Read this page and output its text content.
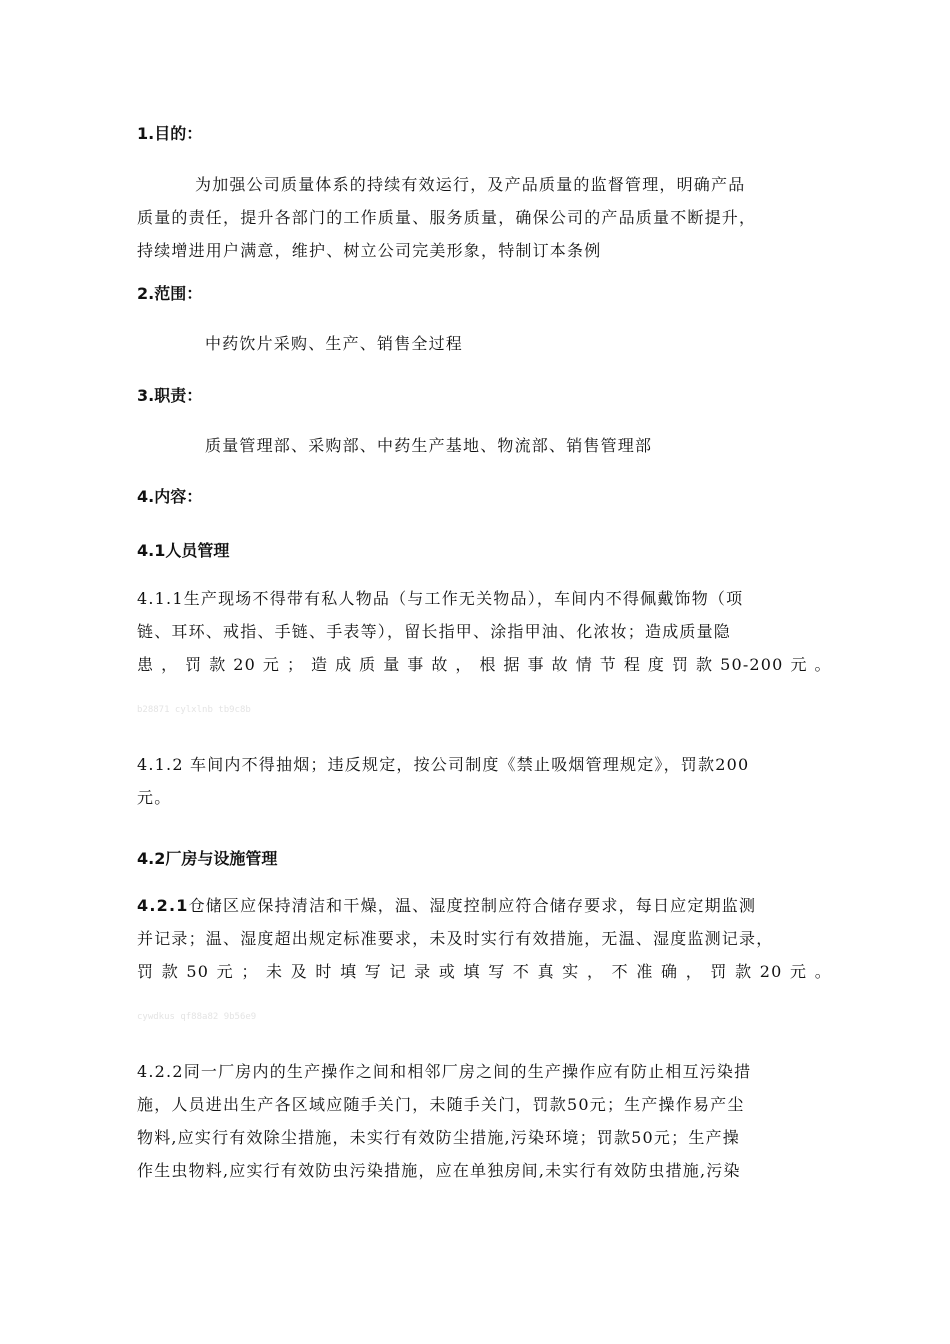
1.目的：
为加强公司质量体系的持续有效运行，及产品质量的监督管理，明确产品
质量的责任，提升各部门的工作质量、服务质量，确保公司的产品质量不断提升，
持续增进用户满意，维护、树立公司完美形象，特制订本条例
2.范围：
中药饮片采购、生产、销售全过程
3.职责：
质量管理部、采购部、中药生产基地、物流部、销售管理部
4.内容：
4.1人员管理
4.1.1生产现场不得带有私人物品（与工作无关物品），车间内不得佩戴饰物（项
链、耳环、戒指、手链、手表等），留长指甲、涂指甲油、化浓妆；造成质量隐
患 ， 罚 款 20 元 ； 造 成 质 量 事 故 ， 根 据 事 故 情 节 程 度 罚 款 50-200 元 。
b28871 cylxlnb tb9c8b
4.1.2 车间内不得抽烟；违反规定，按公司制度《禁止吸烟管理规定》，罚款200
元。
4.2厂房与设施管理
4.2.1仓储区应保持清洁和干燥，温、湿度控制应符合储存要求，每日应定期监测
并记录；温、湿度超出规定标准要求，未及时实行有效措施，无温、湿度监测记录，
罚 款 50 元 ； 未 及 时 填 写 记 录 或 填 写 不 真 实 ， 不 准 确 ， 罚 款 20 元 。
cywdkus qf88a82 9b56e9
4.2.2同一厂房内的生产操作之间和相邻厂房之间的生产操作应有防止相互污染措
施，人员进出生产各区域应随手关门，未随手关门，罚款50元；生产操作易产尘
物料,应实行有效除尘措施，未实行有效防尘措施,污染环境；罚款50元；生产操
作生虫物料,应实行有效防虫污染措施，应在单独房间,未实行有效防虫措施,污染
